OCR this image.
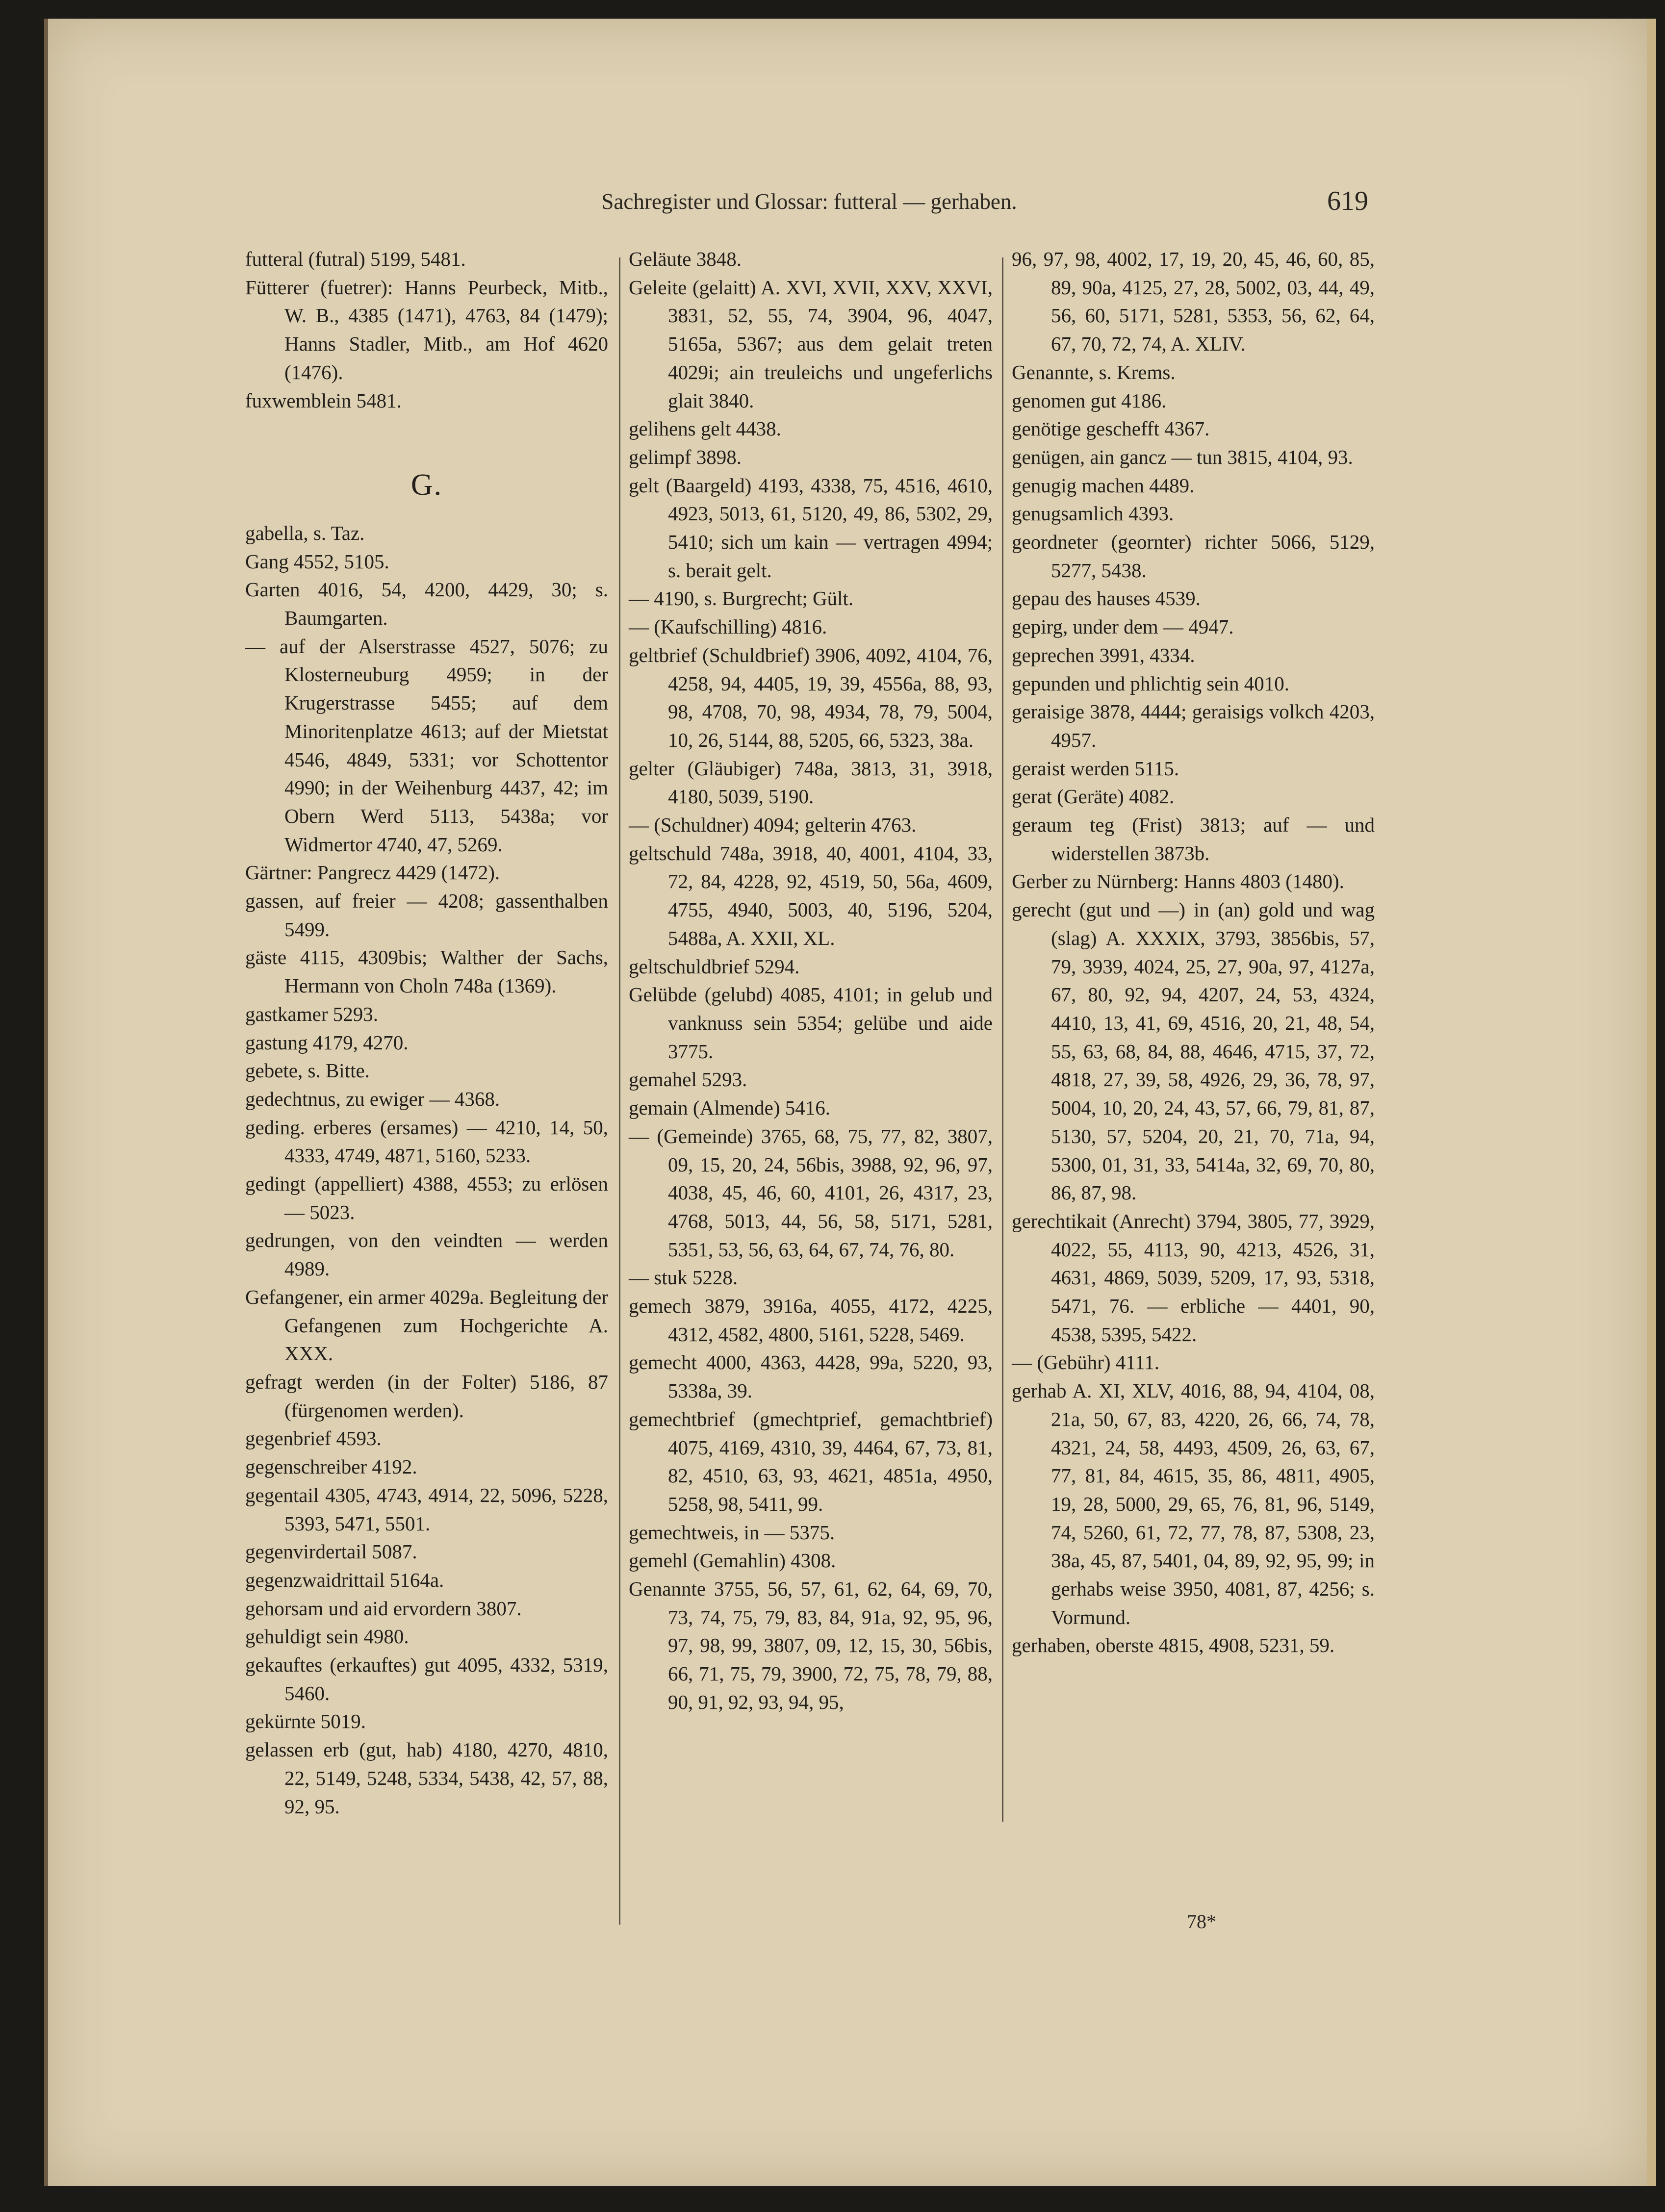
Sachregister und Glossar: futteral — gerhaben.	619
futteral (futral) 5199, 5481.
Fütterer (fuetrer): Hanns Peurbeck, Mitb., W. B., 4385 (1471), 4763, 84 (1479); Hanns Stadler, Mitb., am Hof 4620 (1476).
fuxwemblein 5481.
G.
gabella, s. Taz.
Gang 4552, 5105.
Garten 4016, 54, 4200, 4429, 30; s. Baumgarten.
— auf der Alserstrasse 4527, 5076; zu Klosterneuburg 4959; in der Krugerstrasse 5455; auf dem Minoritenplatze 4613; auf der Mietstat 4546, 4849, 5331; vor Schottentor 4990; in der Weihenburg 4437, 42; im Obern Werd 5113, 5438a; vor Widmertor 4740, 47, 5269.
Gärtner: Pangrecz 4429 (1472).
gassen, auf freier — 4208; gassenthalben 5499.
gäste 4115, 4309bis; Walther der Sachs, Hermann von Choln 748a (1369).
gastkamer 5293.
gastung 4179, 4270.
gebete, s. Bitte.
gedechtnus, zu ewiger — 4368.
geding. erberes (ersames) — 4210, 14, 50, 4333, 4749, 4871, 5160, 5233.
gedingt (appelliert) 4388, 4553; zu erlösen — 5023.
gedrungen, von den veindten — werden 4989.
Gefangener, ein armer 4029a. Begleitung der Gefangenen zum Hochgerichte A. XXX.
gefragt werden (in der Folter) 5186, 87 (fürgenomen werden).
gegenbrief 4593.
gegenschreiber 4192.
gegentail 4305, 4743, 4914, 22, 5096, 5228, 5393, 5471, 5501.
gegenvirdertail 5087.
gegenzwaidrittail 5164a.
gehorsam und aid ervordern 3807.
gehuldigt sein 4980.
gekauftes (erkauftes) gut 4095, 4332, 5319, 5460.
gekürnte 5019.
gelassen erb (gut, hab) 4180, 4270, 4810, 22, 5149, 5248, 5334, 5438, 42, 57, 88, 92, 95.
Geläute 3848.
Geleite (gelaitt) A. XVI, XVII, XXV, XXVI, 3831, 52, 55, 74, 3904, 96, 4047, 5165a, 5367; aus dem gelait treten 4029i; ain treuleichs und ungeferlichs glait 3840.
gelihens gelt 4438.
gelimpf 3898.
gelt (Baargeld) 4193, 4338, 75, 4516, 4610, 4923, 5013, 61, 5120, 49, 86, 5302, 29, 5410; sich um kain — vertragen 4994; s. berait gelt.
— 4190, s. Burgrecht; Gült.
— (Kaufschilling) 4816.
geltbrief (Schuldbrief) 3906, 4092, 4104, 76, 4258, 94, 4405, 19, 39, 4556a, 88, 93, 98, 4708, 70, 98, 4934, 78, 79, 5004, 10, 26, 5144, 88, 5205, 66, 5323, 38a.
gelter (Gläubiger) 748a, 3813, 31, 3918, 4180, 5039, 5190.
— (Schuldner) 4094; gelterin 4763.
geltschuld 748a, 3918, 40, 4001, 4104, 33, 72, 84, 4228, 92, 4519, 50, 56a, 4609, 4755, 4940, 5003, 40, 5196, 5204, 5488a, A. XXII, XL.
geltschuldbrief 5294.
Gelübde (gelubd) 4085, 4101; in gelub und vanknuss sein 5354; gelübe und aide 3775.
gemahel 5293.
gemain (Almende) 5416.
— (Gemeinde) 3765, 68, 75, 77, 82, 3807, 09, 15, 20, 24, 56bis, 3988, 92, 96, 97, 4038, 45, 46, 60, 4101, 26, 4317, 23, 4768, 5013, 44, 56, 58, 5171, 5281, 5351, 53, 56, 63, 64, 67, 74, 76, 80.
— stuk 5228.
gemech 3879, 3916a, 4055, 4172, 4225, 4312, 4582, 4800, 5161, 5228, 5469.
gemecht 4000, 4363, 4428, 99a, 5220, 93, 5338a, 39.
gemechtbrief (gmechtprief, gemachtbrief) 4075, 4169, 4310, 39, 4464, 67, 73, 81, 82, 4510, 63, 93, 4621, 4851a, 4950, 5258, 98, 5411, 99.
gemechtweis, in — 5375.
gemehl (Gemahlin) 4308.
Genannte 3755, 56, 57, 61, 62, 64, 69, 70, 73, 74, 75, 79, 83, 84, 91a, 92, 95, 96, 97, 98, 99, 3807, 09, 12, 15, 30, 56bis, 66, 71, 75, 79, 3900, 72, 75, 78, 79, 88, 90, 91, 92, 93, 94, 95,
96, 97, 98, 4002, 17, 19, 20, 45, 46, 60, 85, 89, 90a, 4125, 27, 28, 5002, 03, 44, 49, 56, 60, 5171, 5281, 5353, 56, 62, 64, 67, 70, 72, 74, A. XLIV.
Genannte, s. Krems.
genomen gut 4186.
genötige geschefft 4367.
genügen, ain gancz — tun 3815, 4104, 93.
genugig machen 4489.
genugsamlich 4393.
geordneter (geornter) richter 5066, 5129, 5277, 5438.
gepau des hauses 4539.
gepirg, under dem — 4947.
geprechen 3991, 4334.
gepunden und phlichtig sein 4010.
geraisige 3878, 4444; geraisigs volkch 4203, 4957.
geraist werden 5115.
gerat (Geräte) 4082.
geraum teg (Frist) 3813; auf — und widerstellen 3873b.
Gerber zu Nürnberg: Hanns 4803 (1480).
gerecht (gut und —) in (an) gold und wag (slag) A. XXXIX, 3793, 3856bis, 57, 79, 3939, 4024, 25, 27, 90a, 97, 4127a, 67, 80, 92, 94, 4207, 24, 53, 4324, 4410, 13, 41, 69, 4516, 20, 21, 48, 54, 55, 63, 68, 84, 88, 4646, 4715, 37, 72, 4818, 27, 39, 58, 4926, 29, 36, 78, 97, 5004, 10, 20, 24, 43, 57, 66, 79, 81, 87, 5130, 57, 5204, 20, 21, 70, 71a, 94, 5300, 01, 31, 33, 5414a, 32, 69, 70, 80, 86, 87, 98.
gerechtikait (Anrecht) 3794, 3805, 77, 3929, 4022, 55, 4113, 90, 4213, 4526, 31, 4631, 4869, 5039, 5209, 17, 93, 5318, 5471, 76. — erbliche — 4401, 90, 4538, 5395, 5422.
— (Gebühr) 4111.
gerhab A. XI, XLV, 4016, 88, 94, 4104, 08, 21a, 50, 67, 83, 4220, 26, 66, 74, 78, 4321, 24, 58, 4493, 4509, 26, 63, 67, 77, 81, 84, 4615, 35, 86, 4811, 4905, 19, 28, 5000, 29, 65, 76, 81, 96, 5149, 74, 5260, 61, 72, 77, 78, 87, 5308, 23, 38a, 45, 87, 5401, 04, 89, 92, 95, 99; in gerhabs weise 3950, 4081, 87, 4256; s. Vormund.
gerhaben, oberste 4815, 4908, 5231, 59.
78*
